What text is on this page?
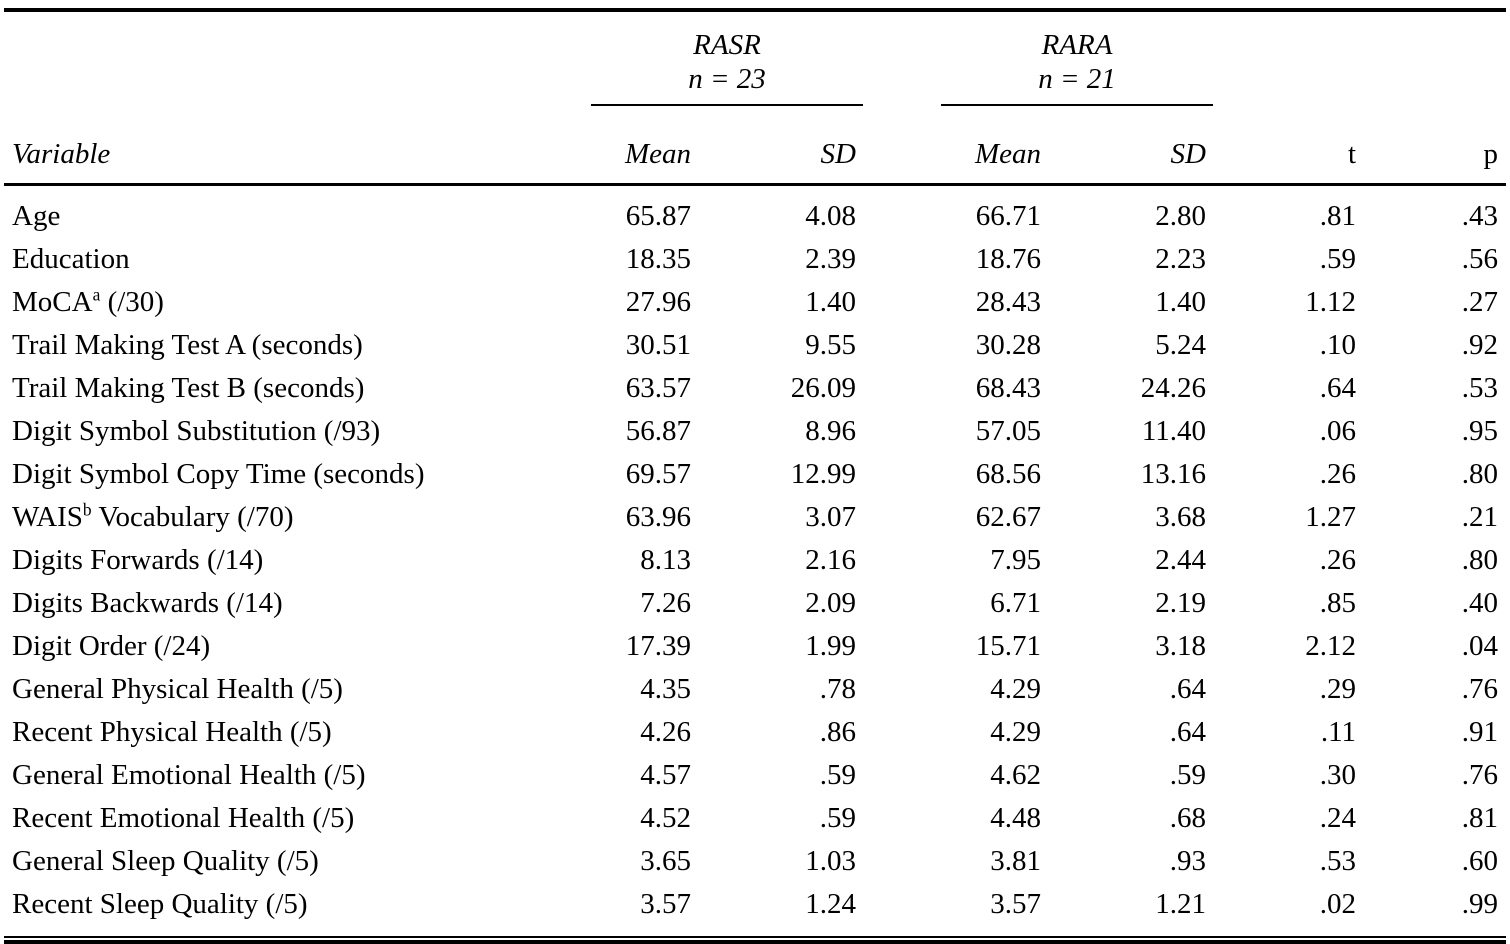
RASR
n = 23

RARA
n = 21

Variable	Mean	SD	Mean	SD	t	p
Age	65.87	4.08	66.71	2.80	.81	.43
Education	18.35	2.39	18.76	2.23	.59	.56
MoCA$^a$ (/30)	27.96	1.40	28.43	1.40	1.12	.27
Trail Making Test A (seconds)	30.51	9.55	30.28	5.24	.10	.92
Trail Making Test B (seconds)	63.57	26.09	68.43	24.26	.64	.53
Digit Symbol Substitution (/93)	56.87	8.96	57.05	11.40	.06	.95
Digit Symbol Copy Time (seconds)	69.57	12.99	68.56	13.16	.26	.80
WAIS$^b$ Vocabulary (/70)	63.96	3.07	62.67	3.68	1.27	.21
Digits Forwards (/14)	8.13	2.16	7.95	2.44	.26	.80
Digits Backwards (/14)	7.26	2.09	6.71	2.19	.85	.40
Digit Order (/24)	17.39	1.99	15.71	3.18	2.12	.04
General Physical Health (/5)	4.35	.78	4.29	.64	.29	.76
Recent Physical Health (/5)	4.26	.86	4.29	.64	.11	.91
General Emotional Health (/5)	4.57	.59	4.62	.59	.30	.76
Recent Emotional Health (/5)	4.52	.59	4.48	.68	.24	.81
General Sleep Quality (/5)	3.65	1.03	3.81	.93	.53	.60
Recent Sleep Quality (/5)	3.57	1.24	3.57	1.21	.02	.99
